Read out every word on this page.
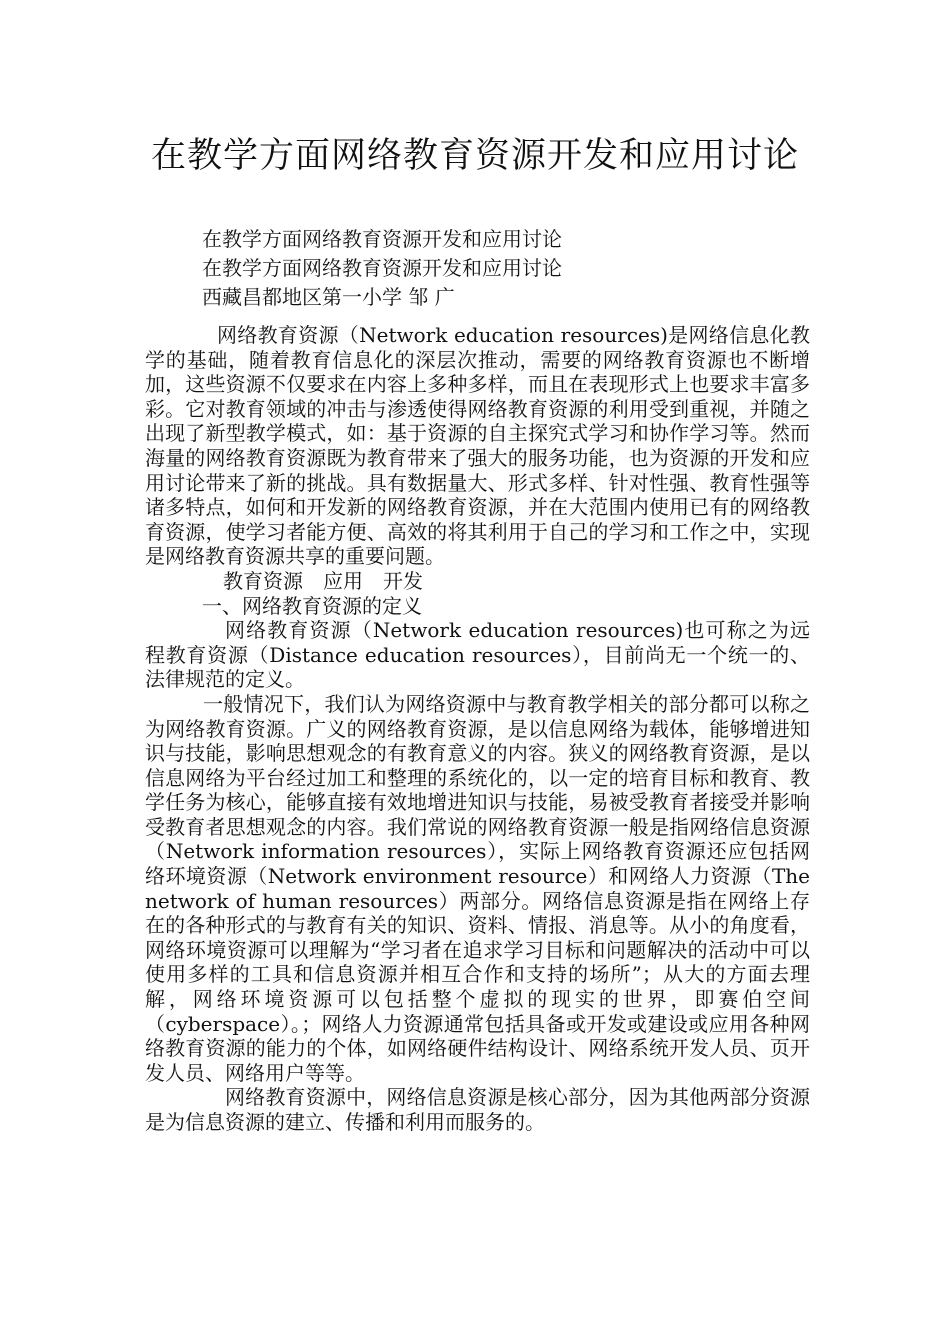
在教学方面网络教育资源开发和应用讨论
在教学方面网络教育资源开发和应用讨论
在教学方面网络教育资源开发和应用讨论
西藏昌都地区第一小学 邹 广

网络教育资源（Network education resources)是网络信息化教学的基础，随着教育信息化的深层次推动，需要的网络教育资源也不断增加，这些资源不仅要求在内容上多种多样，而且在表现形式上也要求丰富多彩。它对教育领域的冲击与渗透使得网络教育资源的利用受到重视，并随之出现了新型教学模式，如：基于资源的自主探究式学习和协作学习等。然而海量的网络教育资源既为教育带来了强大的服务功能，也为资源的开发和应用讨论带来了新的挑战。具有数据量大、形式多样、针对性强、教育性强等诸多特点，如何和开发新的网络教育资源，并在大范围内使用已有的网络教育资源，使学习者能方便、高效的将其利用于自己的学习和工作之中，实现是网络教育资源共享的重要问题。

教育资源　应用　开发

一、网络教育资源的定义

网络教育资源（Network education resources)也可称之为远程教育资源（Distance education resources），目前尚无一个统一的、法律规范的定义。

一般情况下，我们认为网络资源中与教育教学相关的部分都可以称之为网络教育资源。广义的网络教育资源，是以信息网络为载体，能够增进知识与技能，影响思想观念的有教育意义的内容。狭义的网络教育资源，是以信息网络为平台经过加工和整理的系统化的，以一定的培育目标和教育、教学任务为核心，能够直接有效地增进知识与技能，易被受教育者接受并影响受教育者思想观念的内容。我们常说的网络教育资源一般是指网络信息资源（Network information resources），实际上网络教育资源还应包括网络环境资源（Network environment resource）和网络人力资源（The network of human resources）两部分。网络信息资源是指在网络上存在的各种形式的与教育有关的知识、资料、情报、消息等。从小的角度看，网络环境资源可以理解为“学习者在追求学习目标和问题解决的活动中可以使用多样的工具和信息资源并相互合作和支持的场所”；从大的方面去理解，网络环境资源可以包括整个虚拟的现实的世界，即赛伯空间（cyberspace）。；网络人力资源通常包括具备或开发或建设或应用各种网络教育资源的能力的个体，如网络硬件结构设计、网络系统开发人员、页开发人员、网络用户等等。

网络教育资源中，网络信息资源是核心部分，因为其他两部分资源是为信息资源的建立、传播和利用而服务的。
